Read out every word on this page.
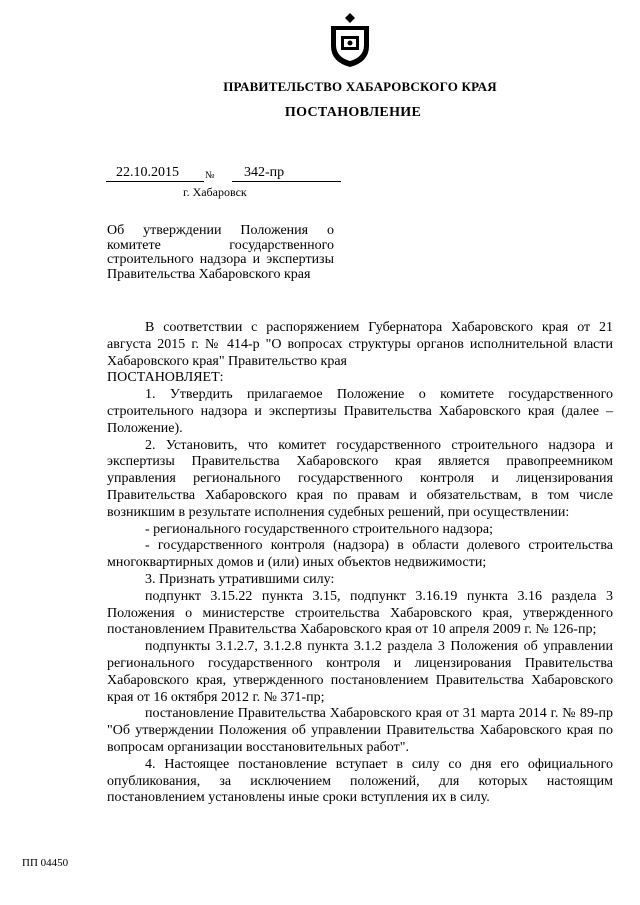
ПРАВИТЕЛЬСТВО ХАБАРОВСКОГО КРАЯ
ПОСТАНОВЛЕНИЕ
22.10.2015	№	342-пр
г. Хабаровск
Об утверждении Положения о комитете государственного строительного надзора и экспертизы Правительства Хабаровского края

В соответствии с распоряжением Губернатора Хабаровского края от 21 августа 2015 г. № 414-р "О вопросах структуры органов исполнительной власти Хабаровского края" Правительство края

ПОСТАНОВЛЯЕТ:

1. Утвердить прилагаемое Положение о комитете государственного строительного надзора и экспертизы Правительства Хабаровского края (далее – Положение).

2. Установить, что комитет государственного строительного надзора и экспертизы Правительства Хабаровского края является правопреемником управления регионального государственного контроля и лицензирования Правительства Хабаровского края по правам и обязательствам, в том числе возникшим в результате исполнения судебных решений, при осуществлении:

- регионального государственного строительного надзора;

- государственного контроля (надзора) в области долевого строительства многоквартирных домов и (или) иных объектов недвижимости;

3. Признать утратившими силу:

подпункт 3.15.22 пункта 3.15, подпункт 3.16.19 пункта 3.16 раздела 3 Положения о министерстве строительства Хабаровского края, утвержденного постановлением Правительства Хабаровского края от 10 апреля 2009 г. № 126-пр;

подпункты 3.1.2.7, 3.1.2.8 пункта 3.1.2 раздела 3 Положения об управлении регионального государственного контроля и лицензирования Правительства Хабаровского края, утвержденного постановлением Правительства Хабаровского края от 16 октября 2012 г. № 371-пр;

постановление Правительства Хабаровского края от 31 марта 2014 г. № 89-пр "Об утверждении Положения об управлении Правительства Хабаровского края по вопросам организации восстановительных работ".

4. Настоящее постановление вступает в силу со дня его официального опубликования, за исключением положений, для которых настоящим постановлением установлены иные сроки вступления их в силу.

ПП 04450
